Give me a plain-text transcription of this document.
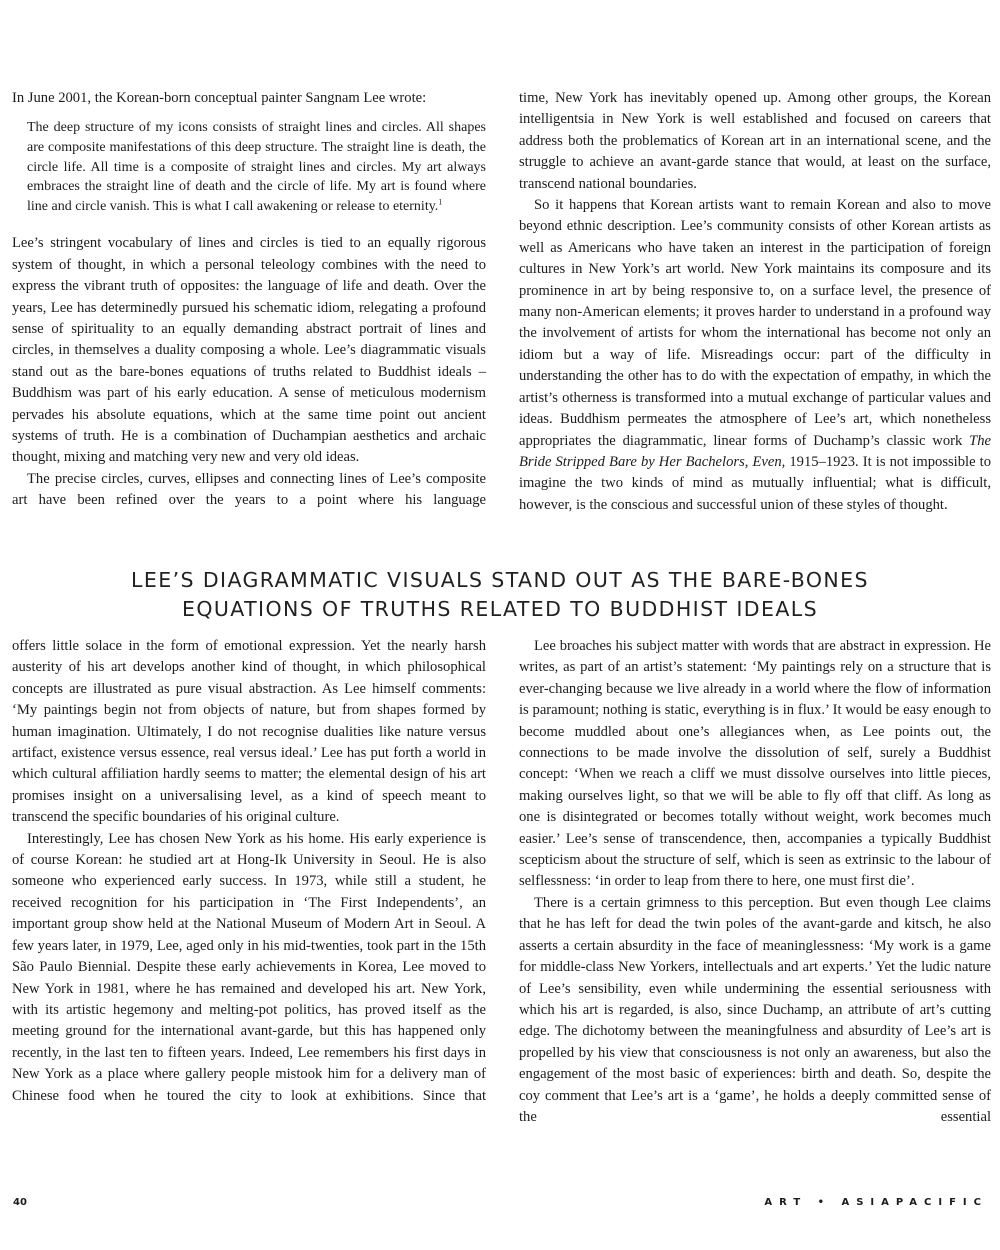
In June 2001, the Korean-born conceptual painter Sangnam Lee wrote:

The deep structure of my icons consists of straight lines and circles. All shapes are composite manifestations of this deep structure. The straight line is death, the circle life. All time is a composite of straight lines and circles. My art always embraces the straight line of death and the circle of life. My art is found where line and circle vanish. This is what I call awakening or release to eternity.$^1$

Lee’s stringent vocabulary of lines and circles is tied to an equally rigorous system of thought, in which a personal teleology combines with the need to express the vibrant truth of opposites: the language of life and death. Over the years, Lee has determinedly pursued his schematic idiom, relegating a profound sense of spirituality to an equally demanding abstract portrait of lines and circles, in themselves a duality composing a whole. Lee’s diagrammatic visuals stand out as the bare-bones equations of truths related to Buddhist ideals – Buddhism was part of his early education. A sense of meticulous modernism pervades his absolute equations, which at the same time point out ancient systems of truth. He is a combination of Duchampian aesthetics and archaic thought, mixing and matching very new and very old ideas.

The precise circles, curves, ellipses and connecting lines of Lee’s composite art have been refined over the years to a point where his language

time, New York has inevitably opened up. Among other groups, the Korean intelligentsia in New York is well established and focused on careers that address both the problematics of Korean art in an international scene, and the struggle to achieve an avant-garde stance that would, at least on the surface, transcend national boundaries.

So it happens that Korean artists want to remain Korean and also to move beyond ethnic description. Lee’s community consists of other Korean artists as well as Americans who have taken an interest in the participation of foreign cultures in New York’s art world. New York maintains its composure and its prominence in art by being responsive to, on a surface level, the presence of many non-American elements; it proves harder to understand in a profound way the involvement of artists for whom the international has become not only an idiom but a way of life. Misreadings occur: part of the difficulty in understanding the other has to do with the expectation of empathy, in which the artist’s otherness is transformed into a mutual exchange of particular values and ideas. Buddhism permeates the atmosphere of Lee’s art, which nonetheless appropriates the diagrammatic, linear forms of Duchamp’s classic work The Bride Stripped Bare by Her Bachelors, Even, 1915–1923. It is not impossible to imagine the two kinds of mind as mutually influential; what is difficult, however, is the conscious and successful union of these styles of thought.

LEE’S DIAGRAMMATIC VISUALS STAND OUT AS THE BARE-BONES
EQUATIONS OF TRUTHS RELATED TO BUDDHIST IDEALS

offers little solace in the form of emotional expression. Yet the nearly harsh austerity of his art develops another kind of thought, in which philosophical concepts are illustrated as pure visual abstraction. As Lee himself comments: ‘My paintings begin not from objects of nature, but from shapes formed by human imagination. Ultimately, I do not recognise dualities like nature versus artifact, existence versus essence, real versus ideal.’ Lee has put forth a world in which cultural affiliation hardly seems to matter; the elemental design of his art promises insight on a universalising level, as a kind of speech meant to transcend the specific boundaries of his original culture.

Interestingly, Lee has chosen New York as his home. His early experience is of course Korean: he studied art at Hong-Ik University in Seoul. He is also someone who experienced early success. In 1973, while still a student, he received recognition for his participation in ‘The First Independents’, an important group show held at the National Museum of Modern Art in Seoul. A few years later, in 1979, Lee, aged only in his mid-twenties, took part in the 15th São Paulo Biennial. Despite these early achievements in Korea, Lee moved to New York in 1981, where he has remained and developed his art. New York, with its artistic hegemony and melting-pot politics, has proved itself as the meeting ground for the international avant-garde, but this has happened only recently, in the last ten to fifteen years. Indeed, Lee remembers his first days in New York as a place where gallery people mistook him for a delivery man of Chinese food when he toured the city to look at exhibitions. Since that

Lee broaches his subject matter with words that are abstract in expression. He writes, as part of an artist’s statement: ‘My paintings rely on a structure that is ever-changing because we live already in a world where the flow of information is paramount; nothing is static, everything is in flux.’ It would be easy enough to become muddled about one’s allegiances when, as Lee points out, the connections to be made involve the dissolution of self, surely a Buddhist concept: ‘When we reach a cliff we must dissolve ourselves into little pieces, making ourselves light, so that we will be able to fly off that cliff. As long as one is disintegrated or becomes totally without weight, work becomes much easier.’ Lee’s sense of transcendence, then, accompanies a typically Buddhist scepticism about the structure of self, which is seen as extrinsic to the labour of selflessness: ‘in order to leap from there to here, one must first die’.

There is a certain grimness to this perception. But even though Lee claims that he has left for dead the twin poles of the avant-garde and kitsch, he also asserts a certain absurdity in the face of meaninglessness: ‘My work is a game for middle-class New Yorkers, intellectuals and art experts.’ Yet the ludic nature of Lee’s sensibility, even while undermining the essential seriousness with which his art is regarded, is also, since Duchamp, an attribute of art’s cutting edge. The dichotomy between the meaningfulness and absurdity of Lee’s art is propelled by his view that consciousness is not only an awareness, but also the engagement of the most basic of experiences: birth and death. So, despite the coy comment that Lee’s art is a ‘game’, he holds a deeply committed sense of the essential

40	ART • ASIAPACIFIC
